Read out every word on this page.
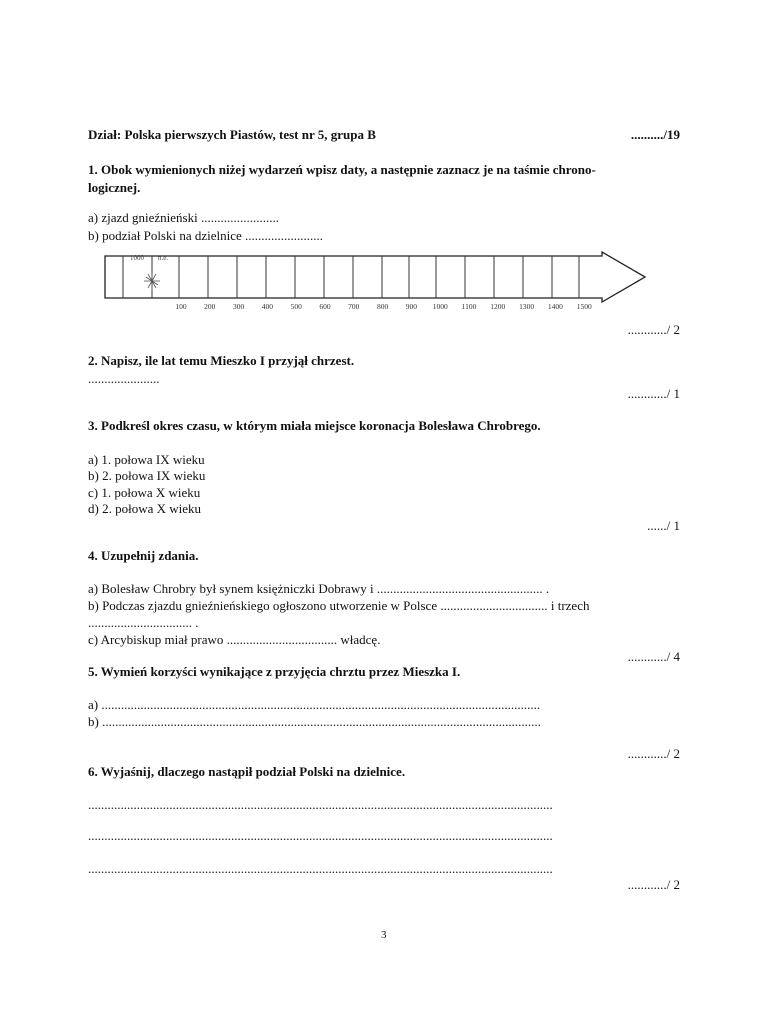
Dział: Polska pierwszych Piastów, test nr 5, grupa B	........../19
1. Obok wymienionych niżej wydarzeń wpisz daty, a następnie zaznacz je na taśmie chrono-
logicznej.
a) zjazd gnieźnieński ........................
b) podział Polski na dzielnice ........................
1000 n.e.
100 200 300 400 500 600 700 800 900 1000 1100 1200 1300 1400 1500
............/ 2
2. Napisz, ile lat temu Mieszko I przyjął chrzest.
......................
............/ 1
3. Podkreśl okres czasu, w którym miała miejsce koronacja Bolesława Chrobrego.
a) 1. połowa IX wieku
b) 2. połowa IX wieku
c) 1. połowa X wieku
d) 2. połowa X wieku
....../ 1
4. Uzupełnij zdania.
a) Bolesław Chrobry był synem księżniczki Dobrawy i ................................................... .
b) Podczas zjazdu gnieźnieńskiego ogłoszono utworzenie w Polsce ................................. i trzech
................................ .
c) Arcybiskup miał prawo .................................. władcę.
............/ 4
5. Wymień korzyści wynikające z przyjęcia chrztu przez Mieszka I.
a) .......................................................................................................................................
b) .......................................................................................................................................
............/ 2
6. Wyjaśnij, dlaczego nastąpił podział Polski na dzielnice.
...............................................................................................................................................
...............................................................................................................................................
...............................................................................................................................................
............/ 2
3
